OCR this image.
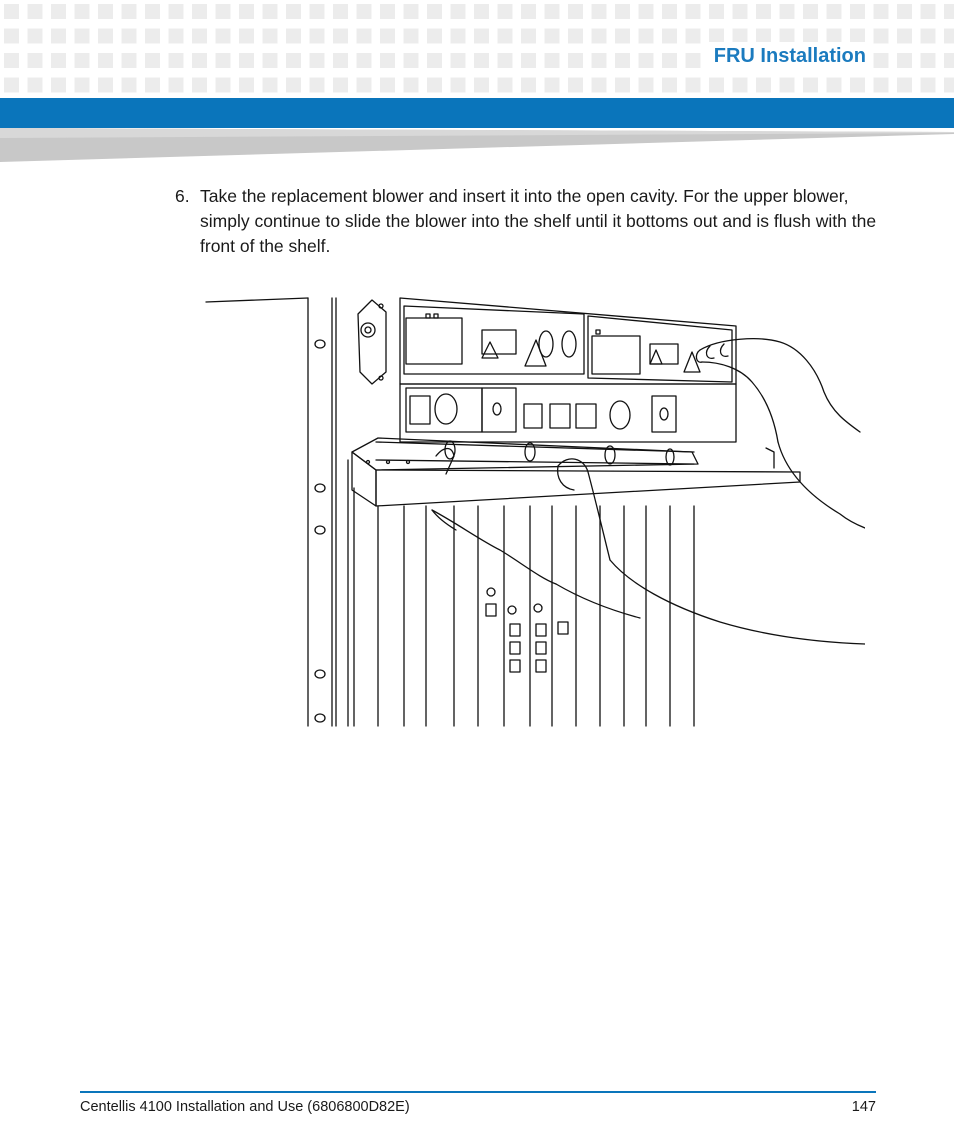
FRU Installation
6. Take the replacement blower and insert it into the open cavity. For the upper blower, simply continue to slide the blower into the shelf until it bottoms out and is flush with the front of the shelf.
Centellis 4100 Installation and Use (6806800D82E)	147
